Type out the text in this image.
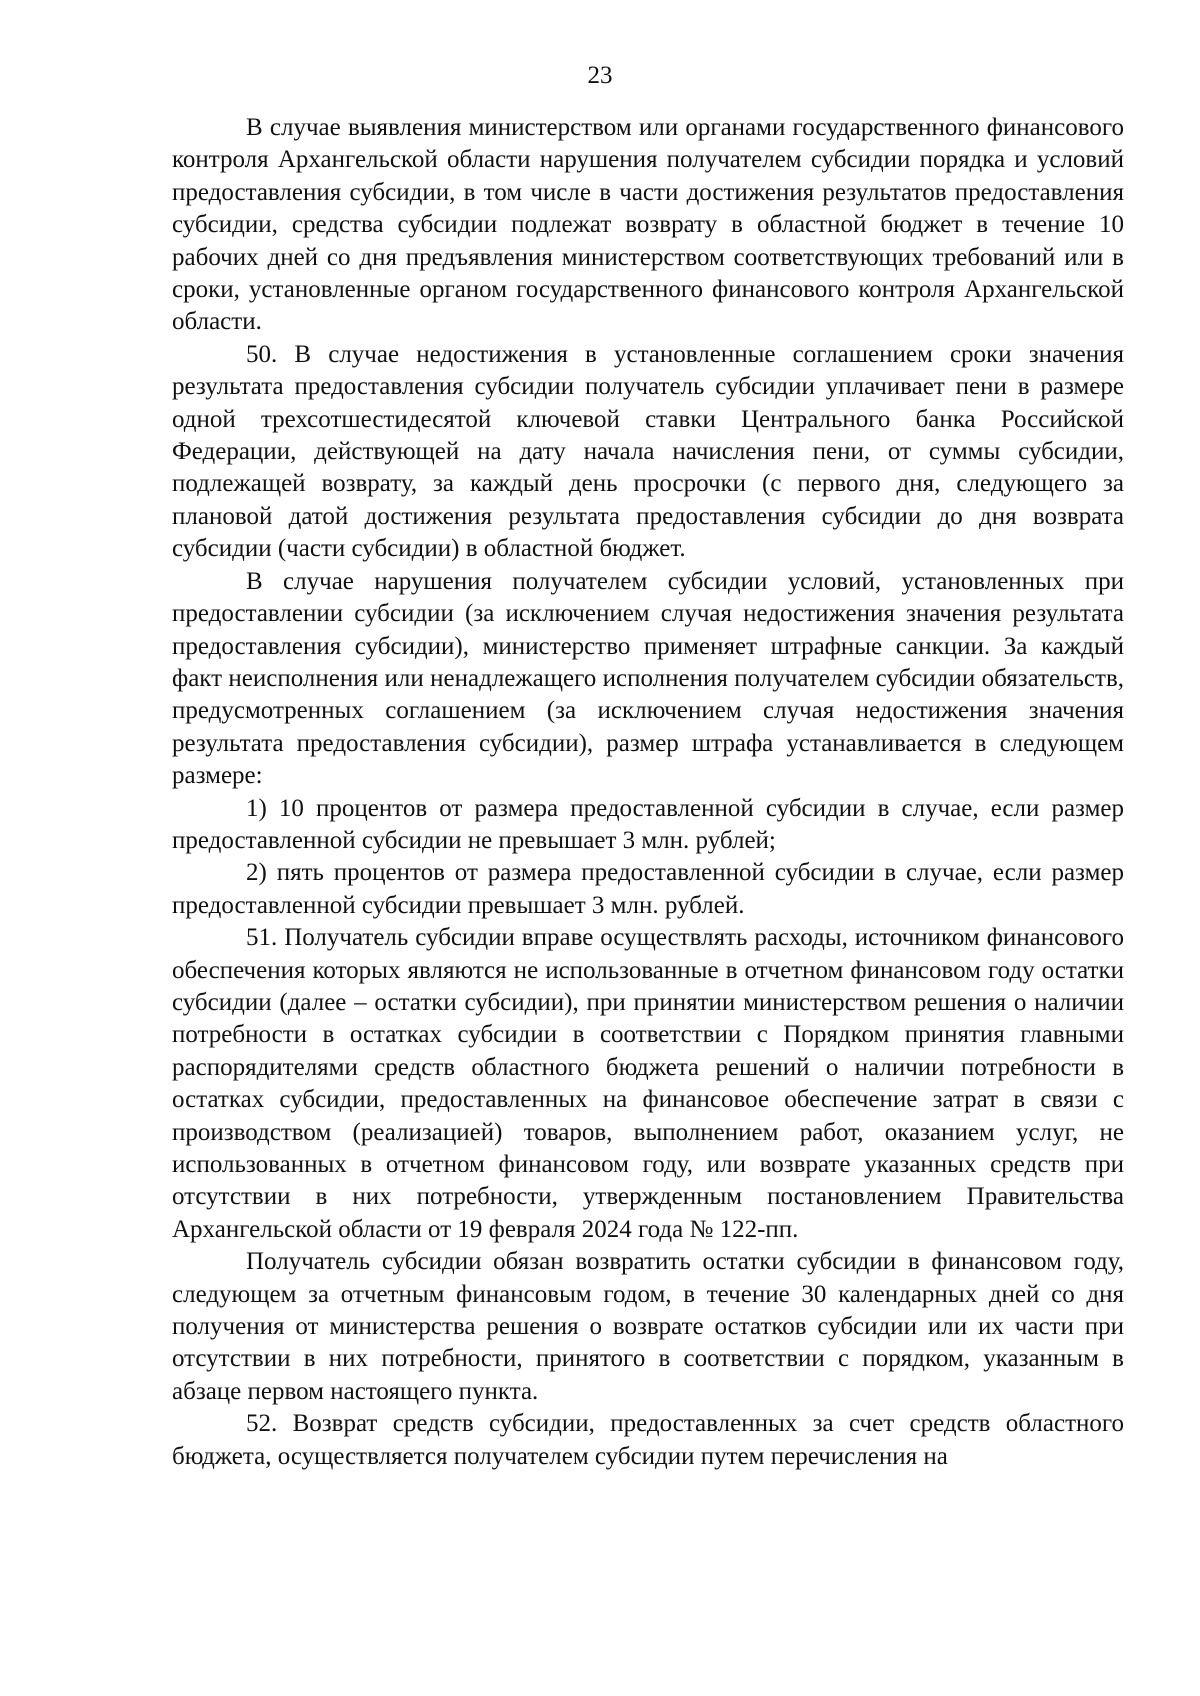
23

В случае выявления министерством или органами государственного финансового контроля Архангельской области нарушения получателем субсидии порядка и условий предоставления субсидии, в том числе в части достижения результатов предоставления субсидии, средства субсидии подлежат возврату в областной бюджет в течение 10 рабочих дней со дня предъявления министерством соответствующих требований или в сроки, установленные органом государственного финансового контроля Архангельской области.

50. В случае недостижения в установленные соглашением сроки значения результата предоставления субсидии получатель субсидии уплачивает пени в размере одной трехсотшестидесятой ключевой ставки Центрального банка Российской Федерации, действующей на дату начала начисления пени, от суммы субсидии, подлежащей возврату, за каждый день просрочки (с первого дня, следующего за плановой датой достижения результата предоставления субсидии до дня возврата субсидии (части субсидии) в областной бюджет.

В случае нарушения получателем субсидии условий, установленных при предоставлении субсидии (за исключением случая недостижения значения результата предоставления субсидии), министерство применяет штрафные санкции. За каждый факт неисполнения или ненадлежащего исполнения получателем субсидии обязательств, предусмотренных соглашением (за исключением случая недостижения значения результата предоставления субсидии), размер штрафа устанавливается в следующем размере:

1) 10 процентов от размера предоставленной субсидии в случае, если размер предоставленной субсидии не превышает 3 млн. рублей;

2) пять процентов от размера предоставленной субсидии в случае, если размер предоставленной субсидии превышает 3 млн. рублей.

51. Получатель субсидии вправе осуществлять расходы, источником финансового обеспечения которых являются не использованные в отчетном финансовом году остатки субсидии (далее – остатки субсидии), при принятии министерством решения о наличии потребности в остатках субсидии в соответствии с Порядком принятия главными распорядителями средств областного бюджета решений о наличии потребности в остатках субсидии, предоставленных на финансовое обеспечение затрат в связи с производством (реализацией) товаров, выполнением работ, оказанием услуг, не использованных в отчетном финансовом году, или возврате указанных средств при отсутствии в них потребности, утвержденным постановлением Правительства Архангельской области от 19 февраля 2024 года № 122-пп.

Получатель субсидии обязан возвратить остатки субсидии в финансовом году, следующем за отчетным финансовым годом, в течение 30 календарных дней со дня получения от министерства решения о возврате остатков субсидии или их части при отсутствии в них потребности, принятого в соответствии с порядком, указанным в абзаце первом настоящего пункта.

52. Возврат средств субсидии, предоставленных за счет средств областного бюджета, осуществляется получателем субсидии путем перечисления на
